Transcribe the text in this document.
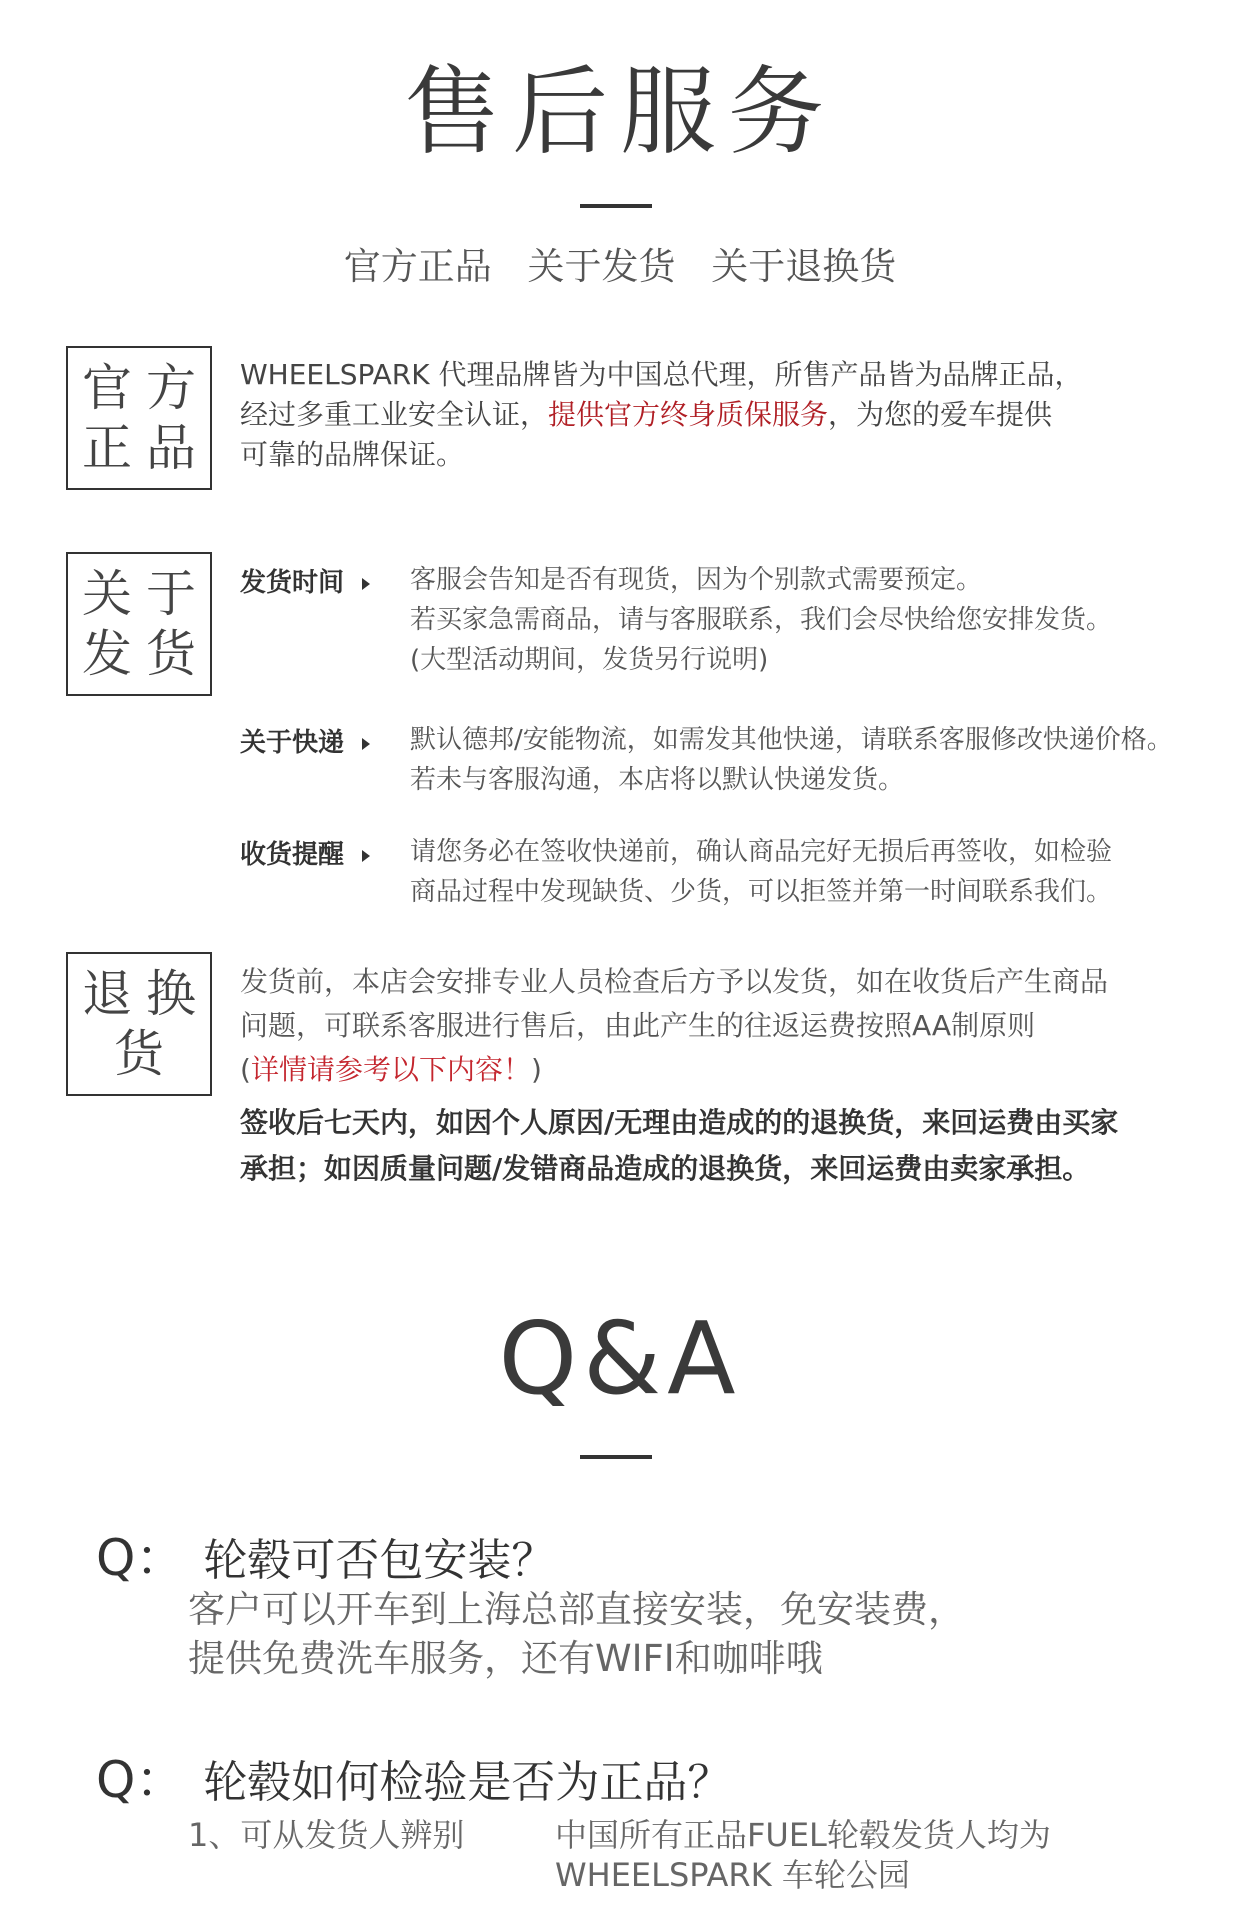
售后服务
官方正品 关于发货 关于退换货
官方
正品
WHEELSPARK 代理品牌皆为中国总代理，所售产品皆为品牌正品，
经过多重工业安全认证，提供官方终身质保服务，为您的爱车提供
可靠的品牌保证。
关于
发货
发货时间	客服会告知是否有现货，因为个别款式需要预定。
若买家急需商品，请与客服联系，我们会尽快给您安排发货。
(大型活动期间，发货另行说明)
关于快递	默认德邦/安能物流，如需发其他快递，请联系客服修改快递价格。
若未与客服沟通，本店将以默认快递发货。
收货提醒	请您务必在签收快递前，确认商品完好无损后再签收，如检验
商品过程中发现缺货、少货，可以拒签并第一时间联系我们。
退换
货
发货前，本店会安排专业人员检查后方予以发货，如在收货后产生商品
问题，可联系客服进行售后，由此产生的往返运费按照AA制原则
(详情请参考以下内容！)
签收后七天内，如因个人原因/无理由造成的的退换货，来回运费由买家
承担；如因质量问题/发错商品造成的退换货，来回运费由卖家承担。
Q&A
Q： 轮毂可否包安装？
客户可以开车到上海总部直接安装，免安装费，
提供免费洗车服务，还有WIFI和咖啡哦
Q： 轮毂如何检验是否为正品？
1、可从发货人辨别	中国所有正品FUEL轮毂发货人均为
WHEELSPARK 车轮公园
